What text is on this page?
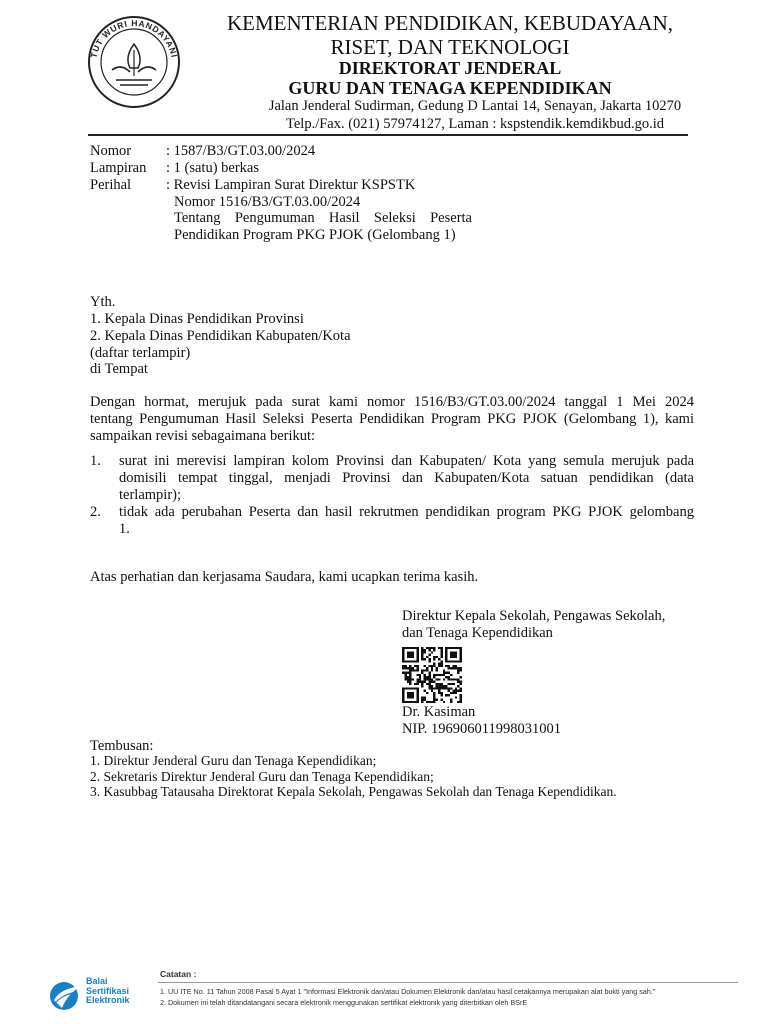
TUT WURI HANDAYANI
KEMENTERIAN PENDIDIKAN, KEBUDAYAAN,
RISET, DAN TEKNOLOGI
DIREKTORAT JENDERAL
GURU DAN TENAGA KEPENDIDIKAN
Jalan Jenderal Sudirman, Gedung D Lantai 14, Senayan, Jakarta 10270
Telp./Fax. (021) 57974127, Laman : kspstendik.kemdikbud.go.id
Nomor : 1587/B3/GT.03.00/2024
Lampiran : 1 (satu) berkas
Perihal : Revisi Lampiran Surat Direktur KSPSTK
Nomor 1516/B3/GT.03.00/2024
Tentang Pengumuman Hasil Seleksi Peserta
Pendidikan Program PKG PJOK (Gelombang 1)
Yth.
1. Kepala Dinas Pendidikan Provinsi
2. Kepala Dinas Pendidikan Kabupaten/Kota
(daftar terlampir)
di Tempat
Dengan hormat, merujuk pada surat kami nomor 1516/B3/GT.03.00/2024 tanggal 1 Mei 2024
tentang Pengumuman Hasil Seleksi Peserta Pendidikan Program PKG PJOK (Gelombang 1), kami
sampaikan revisi sebagaimana berikut:
1. surat ini merevisi lampiran kolom Provinsi dan Kabupaten/ Kota yang semula merujuk pada
domisili tempat tinggal, menjadi Provinsi dan Kabupaten/Kota satuan pendidikan (data
terlampir);
2. tidak ada perubahan Peserta dan hasil rekrutmen pendidikan program PKG PJOK gelombang
1.
Atas perhatian dan kerjasama Saudara, kami ucapkan terima kasih.
Direktur Kepala Sekolah, Pengawas Sekolah,
dan Tenaga Kependidikan
Dr. Kasiman
NIP. 196906011998031001
Tembusan:
1. Direktur Jenderal Guru dan Tenaga Kependidikan;
2. Sekretaris Direktur Jenderal Guru dan Tenaga Kependidikan;
3. Kasubbag Tatausaha Direktorat Kepala Sekolah, Pengawas Sekolah dan Tenaga Kependidikan.
Balai
Sertifikasi
Elektronik
Catatan :
1. UU ITE No. 11 Tahun 2008 Pasal 5 Ayat 1 "Informasi Elektronik dan/atau Dokumen Elektronik dan/atau hasil cetakannya merupakan alat bukti yang sah."
2. Dokumen ini telah ditandatangani secara elektronik menggunakan sertifikat elektronik yang diterbitkan oleh BSrE
